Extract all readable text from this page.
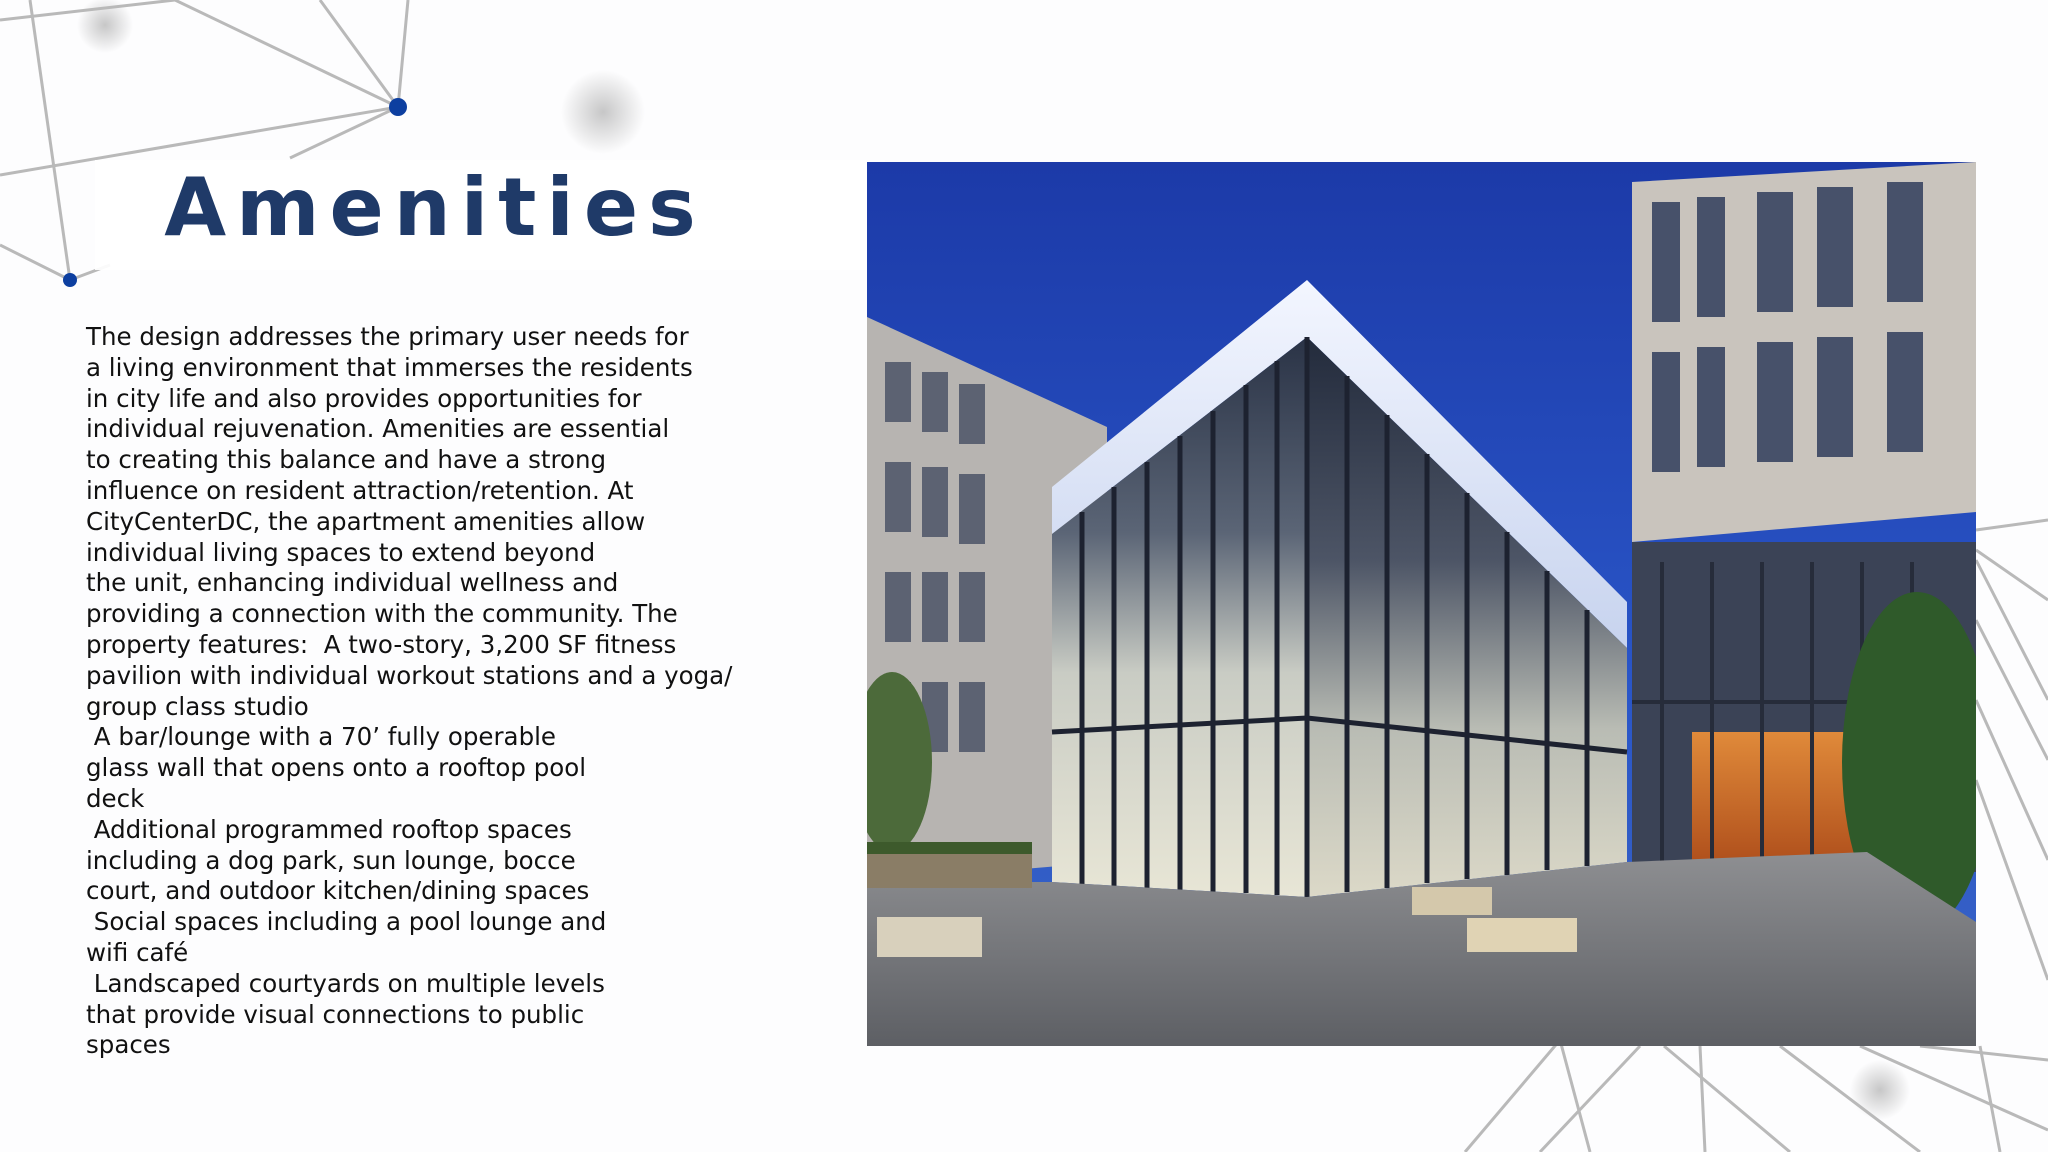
Amenities
The design addresses the primary user needs for
a living environment that immerses the residents
in city life and also provides opportunities for
individual rejuvenation. Amenities are essential
to creating this balance and have a strong
influence on resident attraction/retention. At
CityCenterDC, the apartment amenities allow
individual living spaces to extend beyond
the unit, enhancing individual wellness and
providing a connection with the community. The
property features:  A two-story, 3,200 SF fitness
pavilion with individual workout stations and a yoga/
group class studio
A bar/lounge with a 70’ fully operable
glass wall that opens onto a rooftop pool
deck
Additional programmed rooftop spaces
including a dog park, sun lounge, bocce
court, and outdoor kitchen/dining spaces
Social spaces including a pool lounge and
wifi café
Landscaped courtyards on multiple levels
that provide visual connections to public
spaces
